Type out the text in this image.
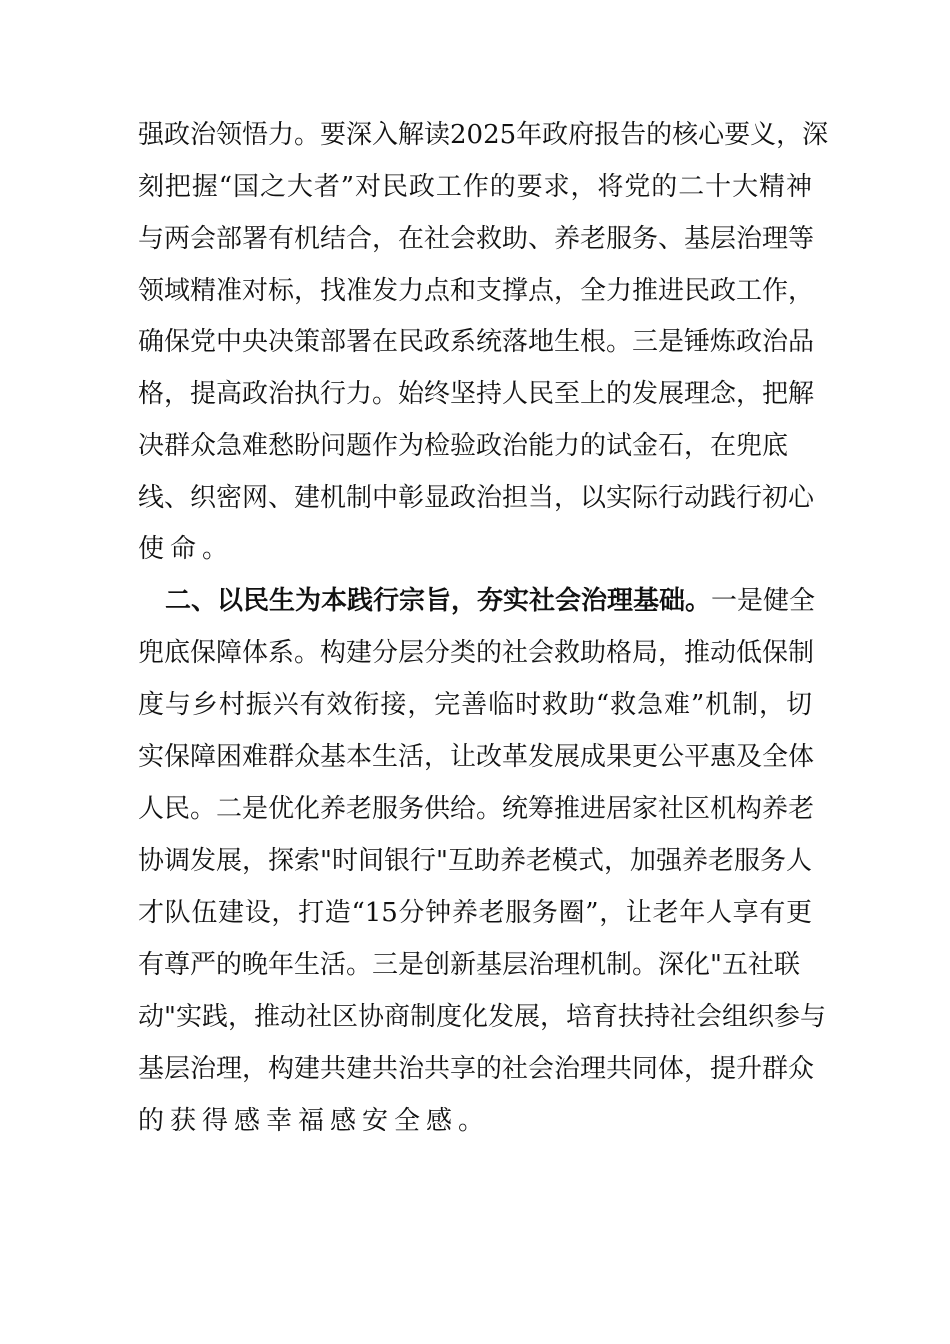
强政治领悟力。要深入解读2025年政府报告的核心要义，深
刻把握“国之大者”对民政工作的要求，将党的二十大精神
与两会部署有机结合，在社会救助、养老服务、基层治理等
领域精准对标，找准发力点和支撑点，全力推进民政工作，
确保党中央决策部署在民政系统落地生根。三是锤炼政治品
格，提高政治执行力。始终坚持人民至上的发展理念，把解
决群众急难愁盼问题作为检验政治能力的试金石，在兜底
线、织密网、建机制中彰显政治担当，以实际行动践行初心
使命。
二、以民生为本践行宗旨，夯实社会治理基础。一是健全
兜底保障体系。构建分层分类的社会救助格局，推动低保制
度与乡村振兴有效衔接，完善临时救助“救急难”机制，切
实保障困难群众基本生活，让改革发展成果更公平惠及全体
人民。二是优化养老服务供给。统筹推进居家社区机构养老
协调发展，探索"时间银行"互助养老模式，加强养老服务人
才队伍建设，打造“15分钟养老服务圈”，让老年人享有更
有尊严的晚年生活。三是创新基层治理机制。深化"五社联
动"实践，推动社区协商制度化发展，培育扶持社会组织参与
基层治理，构建共建共治共享的社会治理共同体，提升群众
的获得感幸福感安全感。
